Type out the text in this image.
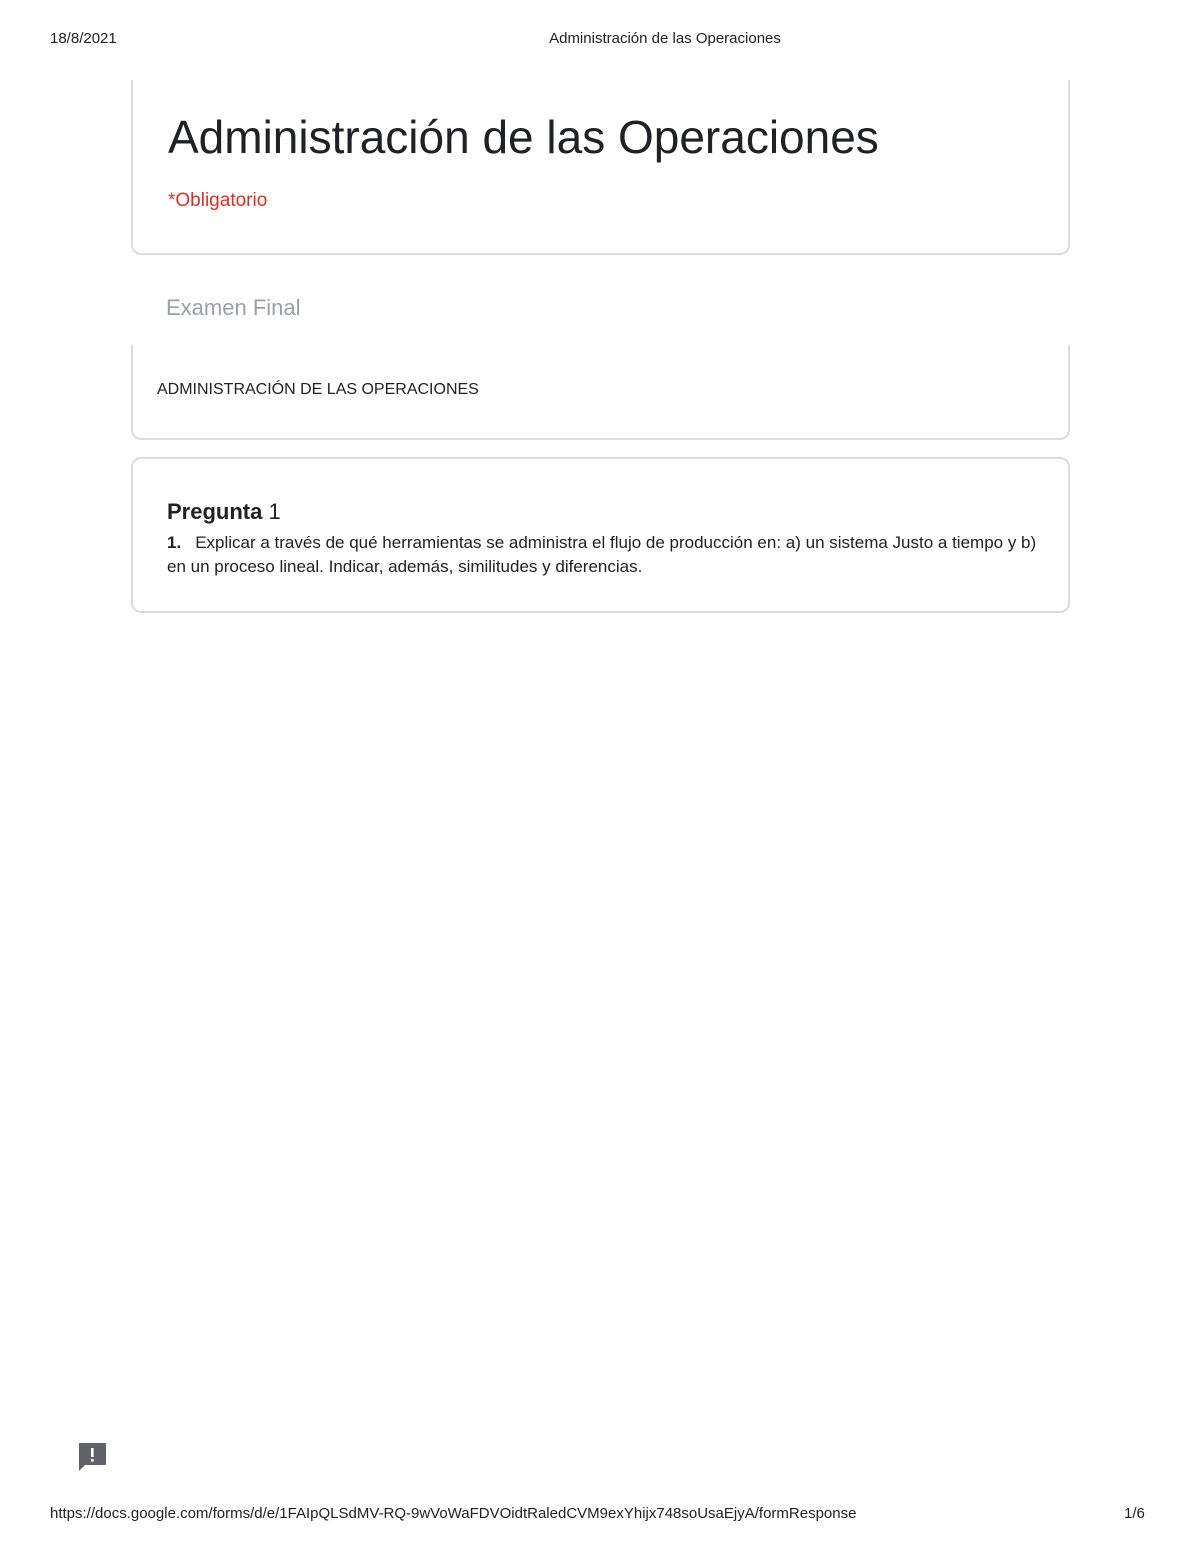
18/8/2021	Administración de las Operaciones
Administración de las Operaciones
*Obligatorio
Examen Final
ADMINISTRACIÓN DE LAS OPERACIONES
Pregunta 1
1. Explicar a través de qué herramientas se administra el flujo de producción en: a) un sistema Justo a tiempo y b) en un proceso lineal. Indicar, además, similitudes y diferencias.
https://docs.google.com/forms/d/e/1FAIpQLSdMV-RQ-9wVoWaFDVOidtRaledCVM9exYhijx748soUsaEjyA/formResponse	1/6
